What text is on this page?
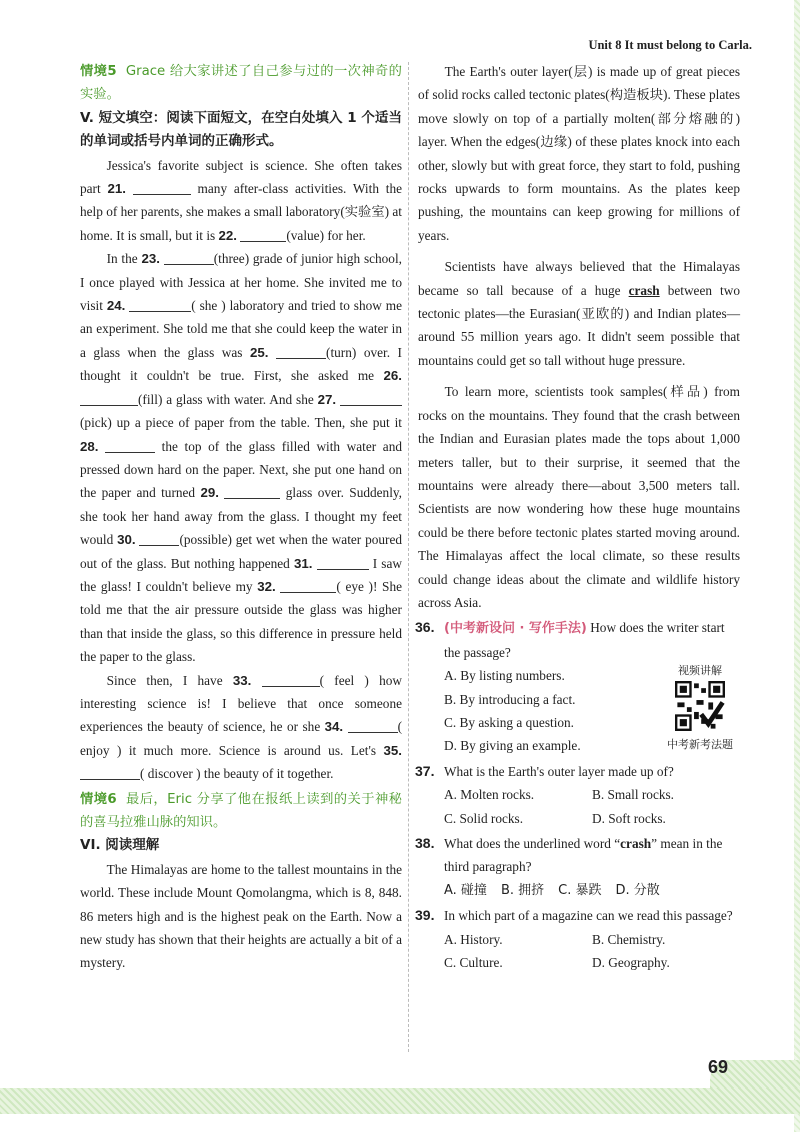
Unit 8 It must belong to Carla.

情境5 Grace 给大家讲述了自己参与过的一次神奇的实验。

V. 短文填空：阅读下面短文，在空白处填入 1 个适当的单词或括号内单词的正确形式。

Jessica's favorite subject is science. She often takes part 21.	many after-class activities. With the help of her parents, she makes a small laboratory(实验室) at home. It is small, but it is 22.	(value) for her.

In the 23.	(three) grade of junior high school, I once played with Jessica at her home. She invited me to visit 24.	( she ) laboratory and tried to show me an experiment. She told me that she could keep the water in a glass when the glass was 25.	(turn) over. I thought it couldn't be true. First, she asked me 26. (fill) a glass with water. And she 27. (pick) up a piece of paper from the table. Then, she put it 28.	the top of the glass filled with water and pressed down hard on the paper. Next, she put one hand on the paper and turned 29.	glass over. Suddenly, she took her hand away from the glass. I thought my feet would 30.	(possible) get wet when the water poured out of the glass. But nothing happened 31.	I saw the glass! I couldn't believe my 32.	( eye )! She told me that the air pressure outside the glass was higher than that inside the glass, so this difference in pressure held the paper to the glass.

Since then, I have 33.	( feel ) how interesting science is! I believe that once someone experiences the beauty of science, he or she 34.	( enjoy ) it much more. Science is around us. Let's 35. ( discover ) the beauty of it together.

情境6 最后，Eric 分享了他在报纸上读到的关于神秘的喜马拉雅山脉的知识。

VI. 阅读理解

The Himalayas are home to the tallest mountains in the world. These include Mount Qomolangma, which is 8, 848. 86 meters high and is the highest peak on the Earth. Now a new study has shown that their heights are actually a bit of a mystery.

The Earth's outer layer(层) is made up of great pieces of solid rocks called tectonic plates(构造板块). These plates move slowly on top of a partially molten(部分熔融的) layer. When the edges(边缘) of these plates knock into each other, slowly but with great force, they start to fold, pushing rocks upwards to form mountains. As the plates keep pushing, the mountains can keep growing for millions of years.

Scientists have always believed that the Himalayas became so tall because of a huge crash between two tectonic plates—the Eurasian(亚欧的) and Indian plates—around 55 million years ago. It didn't seem possible that mountains could get so tall without huge pressure.

To learn more, scientists took samples(样品) from rocks on the mountains. They found that the crash between the Indian and Eurasian plates made the tops about 1,000 meters taller, but to their surprise, it seemed that the mountains were already there—about 3,500 meters tall. Scientists are now wondering how these huge mountains could be there before tectonic plates started moving around. The Himalayas affect the local climate, so these results could change ideas about the climate and wildlife history across Asia.

36. (中考新设问 · 写作手法) How does the writer start the passage?
A. By listing numbers.
B. By introducing a fact.
C. By asking a question.
D. By giving an example.
视频讲解
中考新考法题
37. What is the Earth's outer layer made up of?
A. Molten rocks.	B. Small rocks.
C. Solid rocks.	D. Soft rocks.
38. What does the underlined word “crash” mean in the third paragraph?
A. 碰撞 B. 拥挤 C. 暴跌 D. 分散
39. In which part of a magazine can we read this passage?
A. History.	B. Chemistry.
C. Culture.	D. Geography.
69
